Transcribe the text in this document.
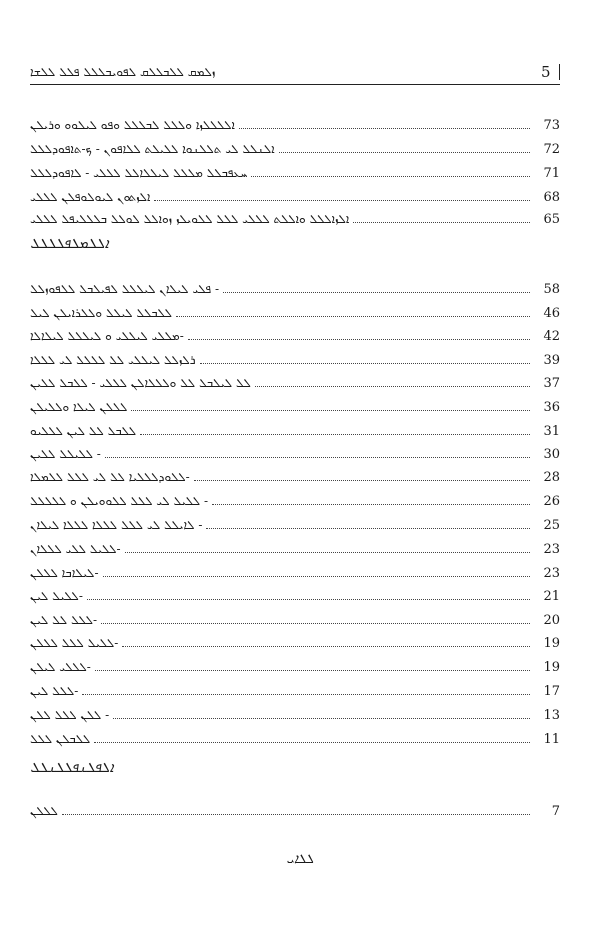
ܙܠܡܩ ܠܠܒܠܠܩ ܠܦܘܝܒܠܠܠ ܦܠܠ ܠܠܫܐ	5
ܐܠܠܠܠܙܐ ܘܠܠܠ ܠܒܠܠܠ ܘܦܘ ܠܝܠܘܘ ܘܪܝܠܢ	73
ܐܠܢܠܠ ܠܝ ܬܠܠܢܘܐ ܠܠܝܠܬ ܠܠܐܦܘܢ - ܟ-ܬܐܦܘܕܠܠܠ	72
ܚܥܦܒܠܠ ܡܠܠܠ ܠܝܠܠܐܠܠ ܠܠܠܝ - ܠܐܦܘܕܠܠܠ	71
ܐܠܙܬܘܢ ܠܝܘܠܘܦܠܢ ܠܠܠܝ	68
ܐܠܙܐܠܠܠ ܘܐܠܠܬ ܠܠܠܝ ܠܠܠ ܠܠܘܝܠܙ ܙܘܐܠܠ ܠܘܠܠ ܒܠܠܠܝܦܠ ܠܠܠܝ	65
ܐܠܠܡܠܦܠܠܠܠ
ܦܠܝ ܠܝܠܐܢ ܠܝܠܠܠ ܠܦܝܠܒܠ ܠܠܦܘܙܠܠ -	58
ܠܠܒܠܠ ܠܝܠܠ ܘܠܠܪܐܝܠܢ ܠܝܠ	46
ܡܠܠܝ ܠܝܠܠܝ ܘ ܠܝܠܠܠ ܠܝܠܐܠܐ-	42
ܪܠܙܠܠ ܠܝܠܠܝ ܠܠ ܠܠܠܠ ܠܝ ܠܠܠܐ	39
ܠܠ ܠܝܠܒܠ ܠܠ ܘܠܠܠܐܠܢ ܠܠܠܝ - ܠܠܒܠ ܠܠܝܢ	37
ܠܠܠܢ ܠܝܠܐ ܘܠܠܝܠܢ	36
ܠܠܒܠ ܠܠ ܠܝܢ ܠܠܠܝܘ	31
ܠܠܝܠܠ ܠܠܝܢ -	30
ܠܠܘܕܠܠܠܝܐ ܠܠ ܠܝ ܠܠܠ ܠܠܡܠܐ-	28
ܠܠܝܠ ܠܝ ܠܠܠ ܠܠܘܘܝܠܢ ܘ ܠܠܠܠܠ -	26
ܠܐܝܠܠ ܠܝ ܠܠܠ ܠܠܠܐ ܠܠܠܐ ܠܝܠܐܢ -	25
ܠܠܝܠ ܠܠܝ ܠܠܠܐܢ-	23
ܠܝܠܐܒܐ ܠܠܠܢ-	23
ܠܠܝܠ ܠܝܢ-	21
ܠܠܠ ܠܠ ܠܝܢ-	20
ܠܠܝܠ ܠܠܠ ܠܠܠܢ-	19
ܠܠܠܝ ܠܝܠܢ-	19
ܠܠܠ ܠܝܢ-	17
ܠܠܢ ܠܠܠ ܠܠܢ -	13
ܠܠܒܠܢ ܠܠܠ	11
ܐܠܦܠܢܦܠܠܢܠܠ
ܠܠܠܢ	7
ܠܠܐܝ
